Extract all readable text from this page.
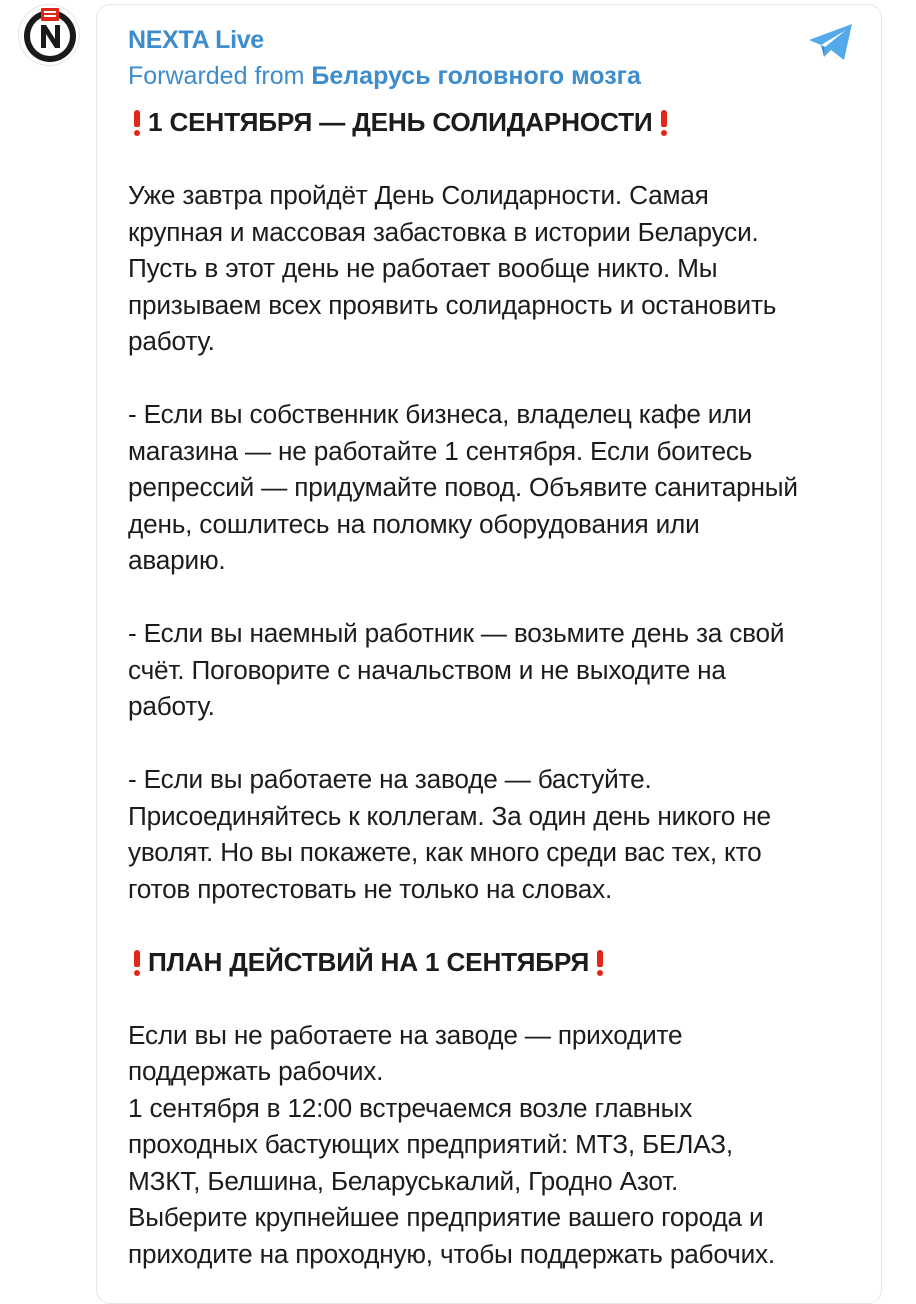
NEXTA Live
Forwarded from Беларусь головного мозга
1 СЕНТЯБРЯ — ДЕНЬ СОЛИДАРНОСТИ

Уже завтра пройдёт День Солидарности. Самая

крупная и массовая забастовка в истории Беларуси.

Пусть в этот день не работает вообще никто. Мы

призываем всех проявить солидарность и остановить

работу.

- Если вы собственник бизнеса, владелец кафе или

магазина — не работайте 1 сентября. Если боитесь

репрессий — придумайте повод. Объявите санитарный

день, сошлитесь на поломку оборудования или

аварию.

- Если вы наемный работник — возьмите день за свой

счёт. Поговорите с начальством и не выходите на

работу.

- Если вы работаете на заводе — бастуйте.

Присоединяйтесь к коллегам. За один день никого не

уволят. Но вы покажете, как много среди вас тех, кто

готов протестовать не только на словах.

ПЛАН ДЕЙСТВИЙ НА 1 СЕНТЯБРЯ

Если вы не работаете на заводе — приходите

поддержать рабочих.

1 сентября в 12:00 встречаемся возле главных

проходных бастующих предприятий: МТЗ, БЕЛАЗ,

МЗКТ, Белшина, Беларуськалий, Гродно Азот.

Выберите крупнейшее предприятие вашего города и

приходите на проходную, чтобы поддержать рабочих.
